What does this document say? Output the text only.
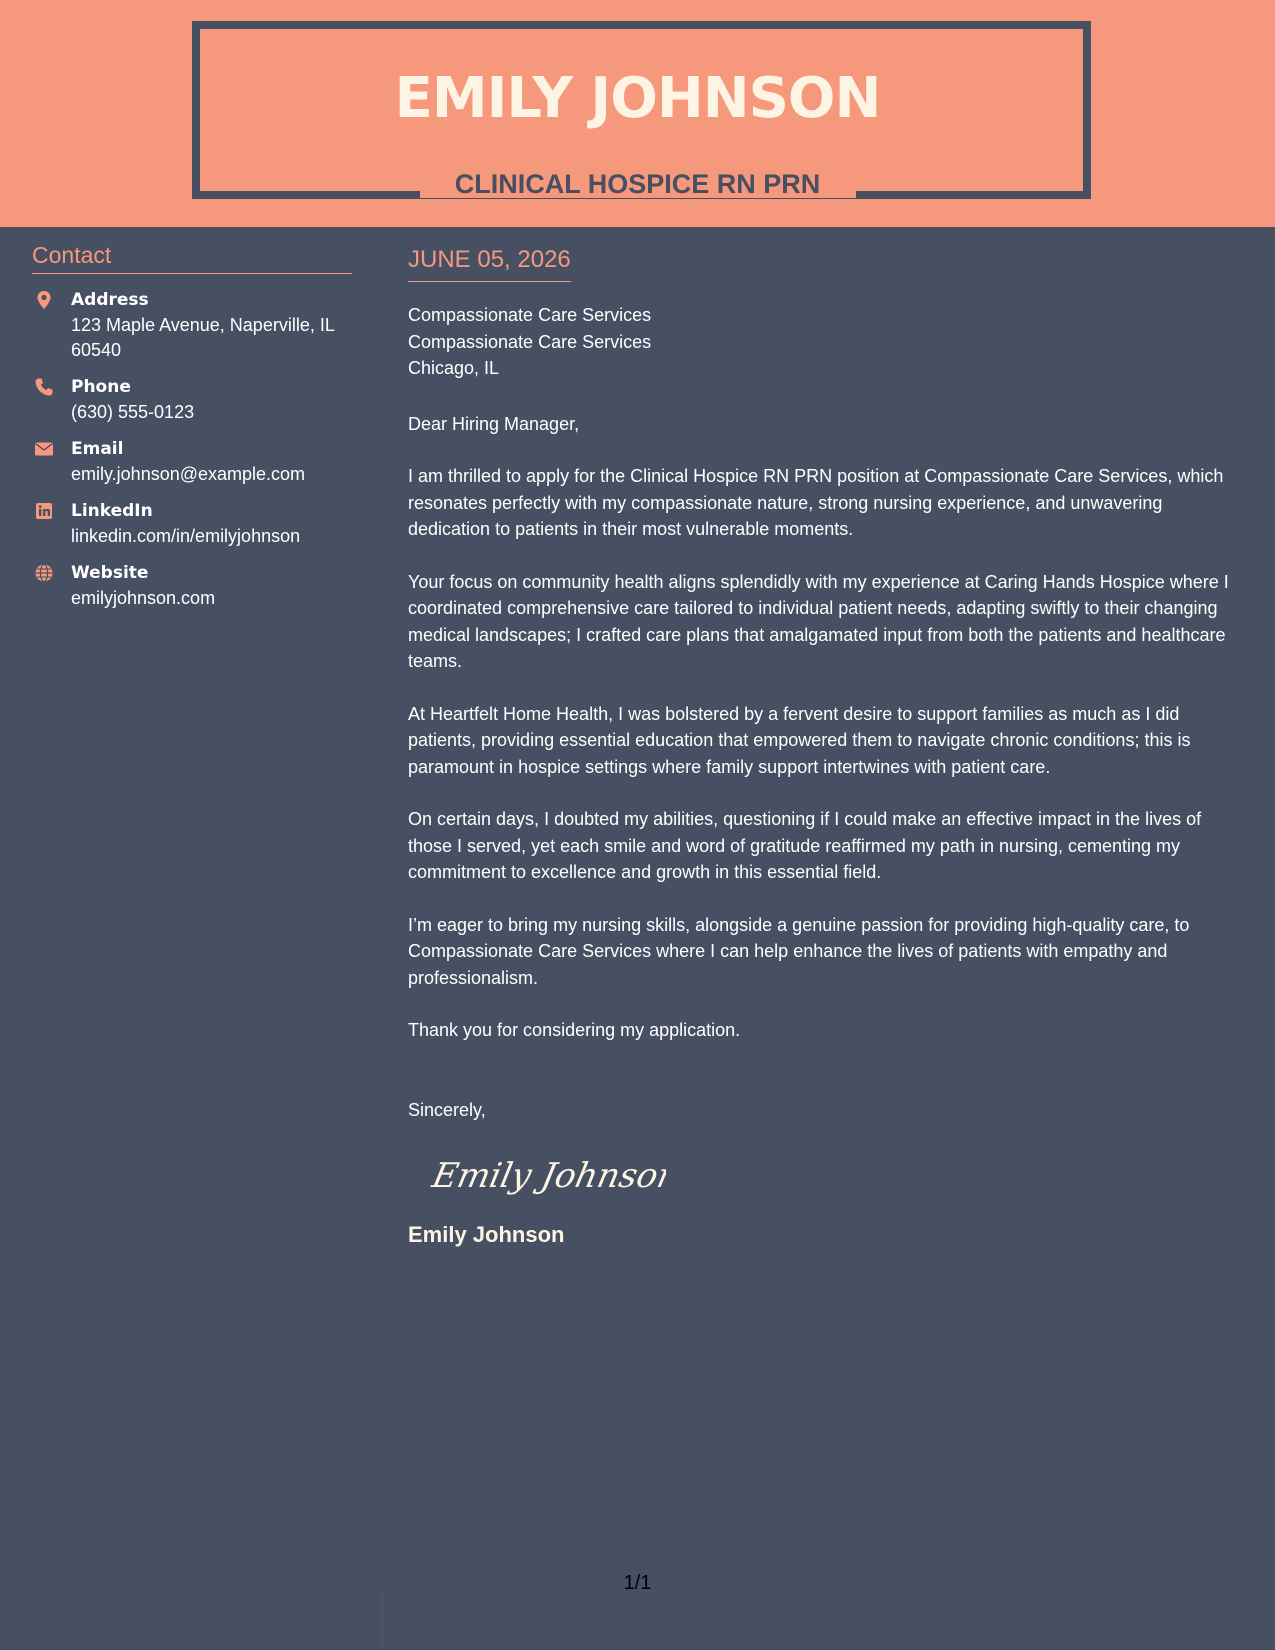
EMILY JOHNSON
CLINICAL HOSPICE RN PRN
Contact
Address
123 Maple Avenue, Naperville, IL 60540
Phone
(630) 555-0123
Email
emily.johnson@example.com
LinkedIn
linkedin.com/in/emilyjohnson
Website
emilyjohnson.com
JUNE 05, 2026
Compassionate Care Services
Compassionate Care Services
Chicago, IL

Dear Hiring Manager,

I am thrilled to apply for the Clinical Hospice RN PRN position at Compassionate Care Services, which resonates perfectly with my compassionate nature, strong nursing experience, and unwavering dedication to patients in their most vulnerable moments.

Your focus on community health aligns splendidly with my experience at Caring Hands Hospice where I coordinated comprehensive care tailored to individual patient needs, adapting swiftly to their changing medical landscapes; I crafted care plans that amalgamated input from both the patients and healthcare teams.

At Heartfelt Home Health, I was bolstered by a fervent desire to support families as much as I did patients, providing essential education that empowered them to navigate chronic conditions; this is paramount in hospice settings where family support intertwines with patient care.

On certain days, I doubted my abilities, questioning if I could make an effective impact in the lives of those I served, yet each smile and word of gratitude reaffirmed my path in nursing, cementing my commitment to excellence and growth in this essential field.

I’m eager to bring my nursing skills, alongside a genuine passion for providing high-quality care, to Compassionate Care Services where I can help enhance the lives of patients with empathy and professionalism.

Thank you for considering my application.

Sincerely,

Emily Johnson
Emily Johnson
1/1
